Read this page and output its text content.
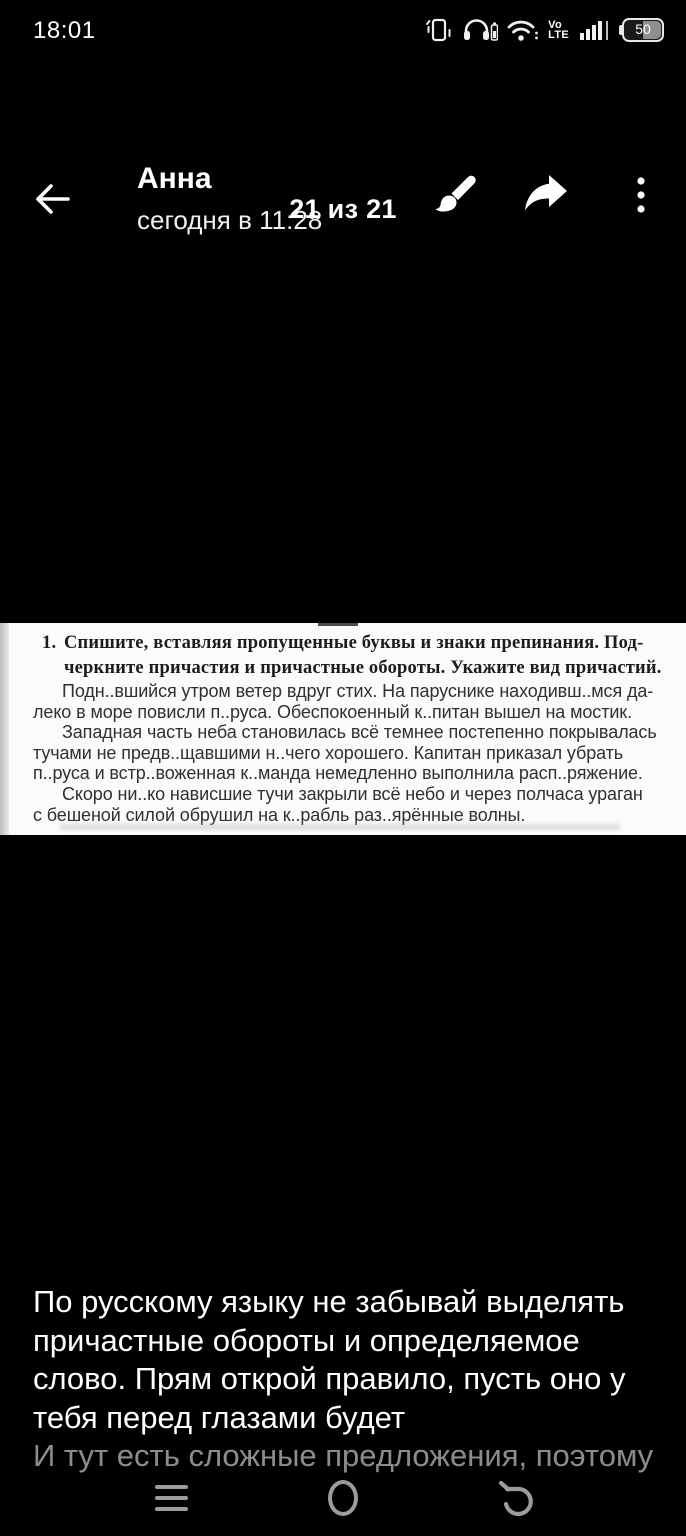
18:01	Vo
LTE	50
Анна
сегодня в 11:28
21 из 21
1. Спишите, вставляя пропущенные буквы и знаки препинания. Под-
черкните причастия и причастные обороты. Укажите вид причастий.
Подн..вшийся утром ветер вдруг стих. На паруснике находивш..мся да-
леко в море повисли п..руса. Обеспокоенный к..питан вышел на мостик.
Западная часть неба становилась всё темнее постепенно покрывалась
тучами не предв..щавшими н..чего хорошего. Капитан приказал убрать
п..руса и встр..воженная к..манда немедленно выполнила расп..ряжение.
Скоро ни..ко нависшие тучи закрыли всё небо и через полчаса ураган
с бешеной силой обрушил на к..рабль раз..ярённые волны.
По русскому языку не забывай выделять
причастные обороты и определяемое
слово. Прям открой правило, пусть оно у
тебя перед глазами будет
И тут есть сложные предложения, поэтому
